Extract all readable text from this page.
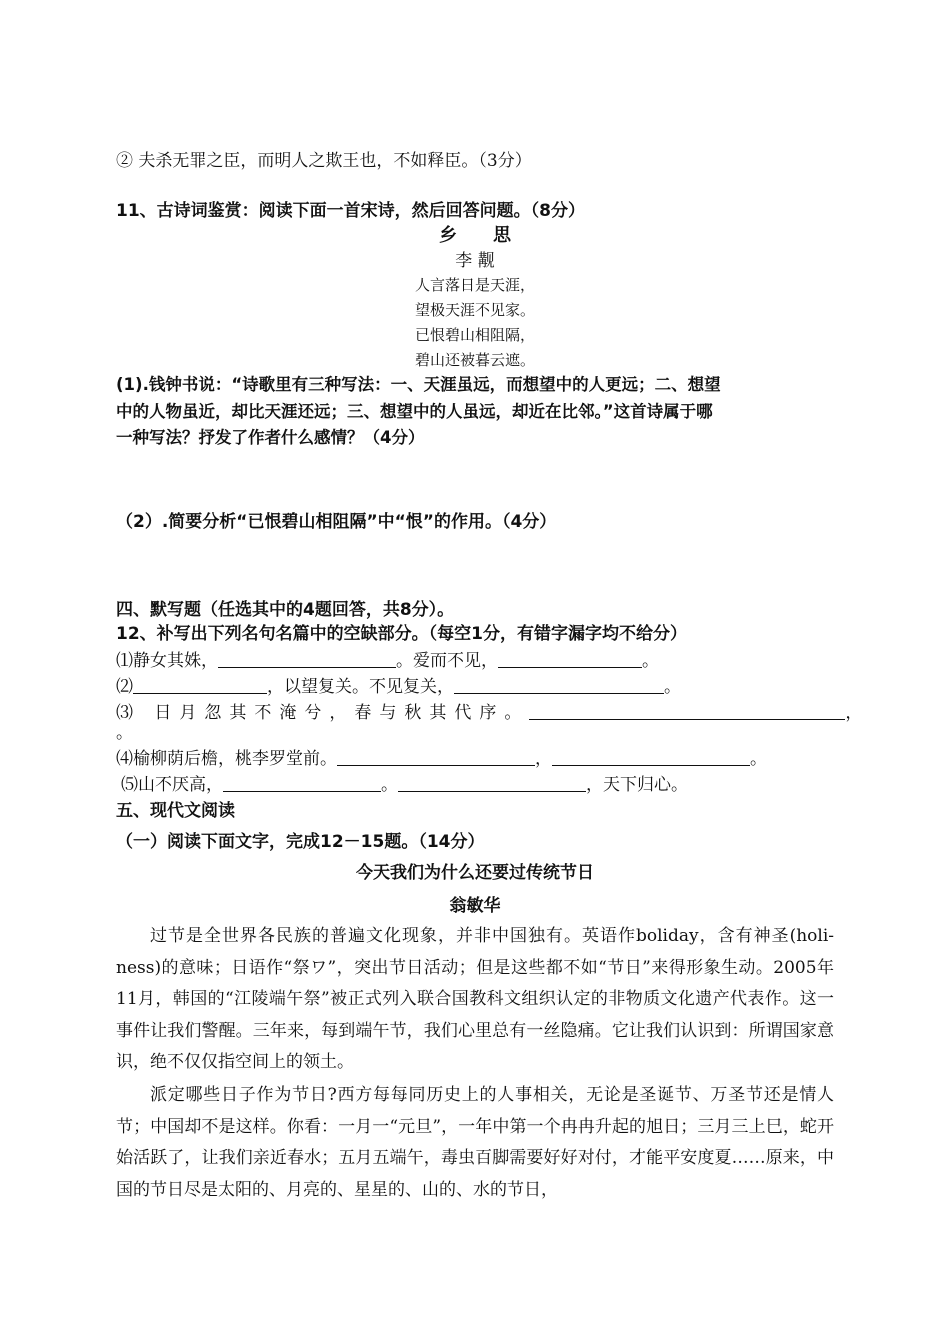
② 夫杀无罪之臣，而明人之欺王也，不如释臣。（3分）
11、古诗词鉴赏：阅读下面一首宋诗，然后回答问题。（8分）
乡　　思
李 觏
人言落日是天涯，
望极天涯不见家。
已恨碧山相阻隔，
碧山还被暮云遮。
(1).钱钟书说：“诗歌里有三种写法：一、天涯虽远，而想望中的人更远；二、想望
中的人物虽近，却比天涯还远；三、想望中的人虽远，却近在比邻。”这首诗属于哪
一种写法？抒发了作者什么感情？（4分）
（2）.简要分析“已恨碧山相阻隔”中“恨”的作用。（4分）
四、默写题（任选其中的4题回答，共8分）。
12、补写出下列名句名篇中的空缺部分。（每空1分，有错字漏字均不给分）
⑴静女其姝，	。爱而不见，	。
⑵	，以望复关。不见复关，	。
⑶ 日月忽其不淹兮，春与秋其代序。	，
。
⑷榆柳荫后檐，桃李罗堂前。	，	。
⑸山不厌高，	。	，天下归心。
五、现代文阅读
（一）阅读下面文字，完成12－15题。（14分）
今天我们为什么还要过传统节日
翁敏华
过节是全世界各民族的普遍文化现象，并非中国独有。英语作boliday，含有神圣(holi-ness)的意味；日语作“祭ワ”，突出节日活动；但是这些都不如“节日”来得形象生动。2005年11月，韩国的“江陵端午祭”被正式列入联合国教科文组织认定的非物质文化遗产代表作。这一事件让我们警醒。三年来，每到端午节，我们心里总有一丝隐痛。它让我们认识到：所谓国家意识，绝不仅仅指空间上的领土。
派定哪些日子作为节日?西方每每同历史上的人事相关，无论是圣诞节、万圣节还是情人节；中国却不是这样。你看：一月一“元旦”，一年中第一个冉冉升起的旭日；三月三上巳，蛇开始活跃了，让我们亲近春水；五月五端午，毒虫百脚需要好好对付，才能平安度夏……原来，中国的节日尽是太阳的、月亮的、星星的、山的、水的节日，
